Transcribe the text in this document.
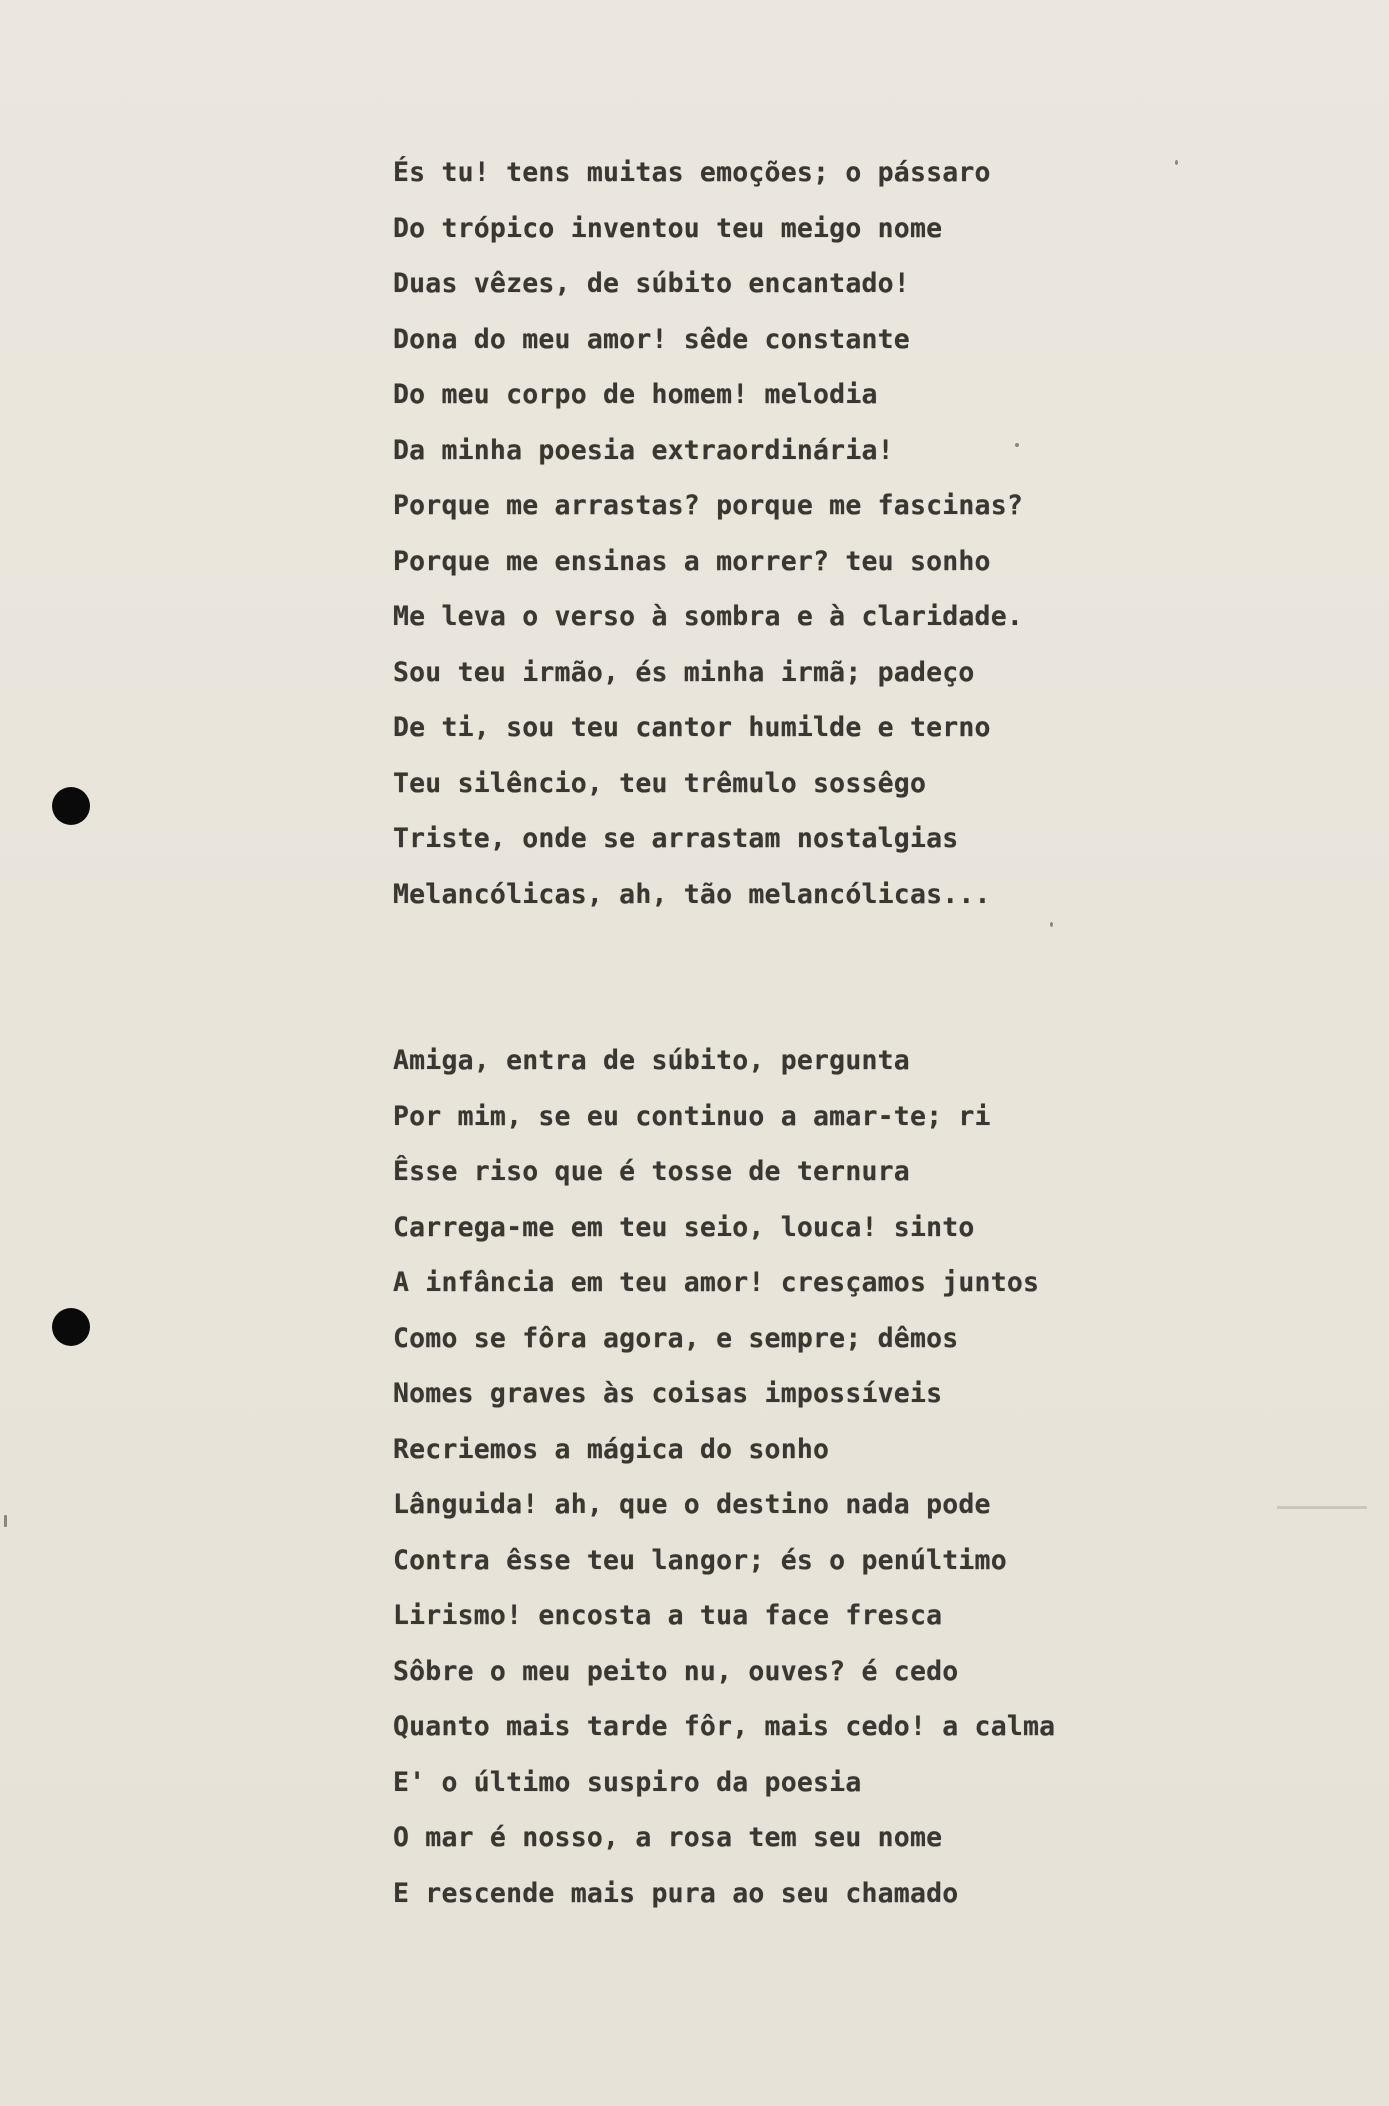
És tu! tens muitas emoções; o pássaro
Do trópico inventou teu meigo nome
Duas vêzes, de súbito encantado!
Dona do meu amor! sêde constante
Do meu corpo de homem! melodia
Da minha poesia extraordinária!
Porque me arrastas? porque me fascinas?
Porque me ensinas a morrer? teu sonho
Me leva o verso à sombra e à claridade.
Sou teu irmão, és minha irmã; padeço
De ti, sou teu cantor humilde e terno
Teu silêncio, teu trêmulo sossêgo
Triste, onde se arrastam nostalgias
Melancólicas, ah, tão melancólicas...
Amiga, entra de súbito, pergunta
Por mim, se eu continuo a amar-te; ri
Êsse riso que é tosse de ternura
Carrega-me em teu seio, louca! sinto
A infância em teu amor! cresçamos juntos
Como se fôra agora, e sempre; dêmos
Nomes graves às coisas impossíveis
Recriemos a mágica do sonho
Lânguida! ah, que o destino nada pode
Contra êsse teu langor; és o penúltimo
Lirismo! encosta a tua face fresca
Sôbre o meu peito nu, ouves? é cedo
Quanto mais tarde fôr, mais cedo! a calma
E' o último suspiro da poesia
O mar é nosso, a rosa tem seu nome
E rescende mais pura ao seu chamado
